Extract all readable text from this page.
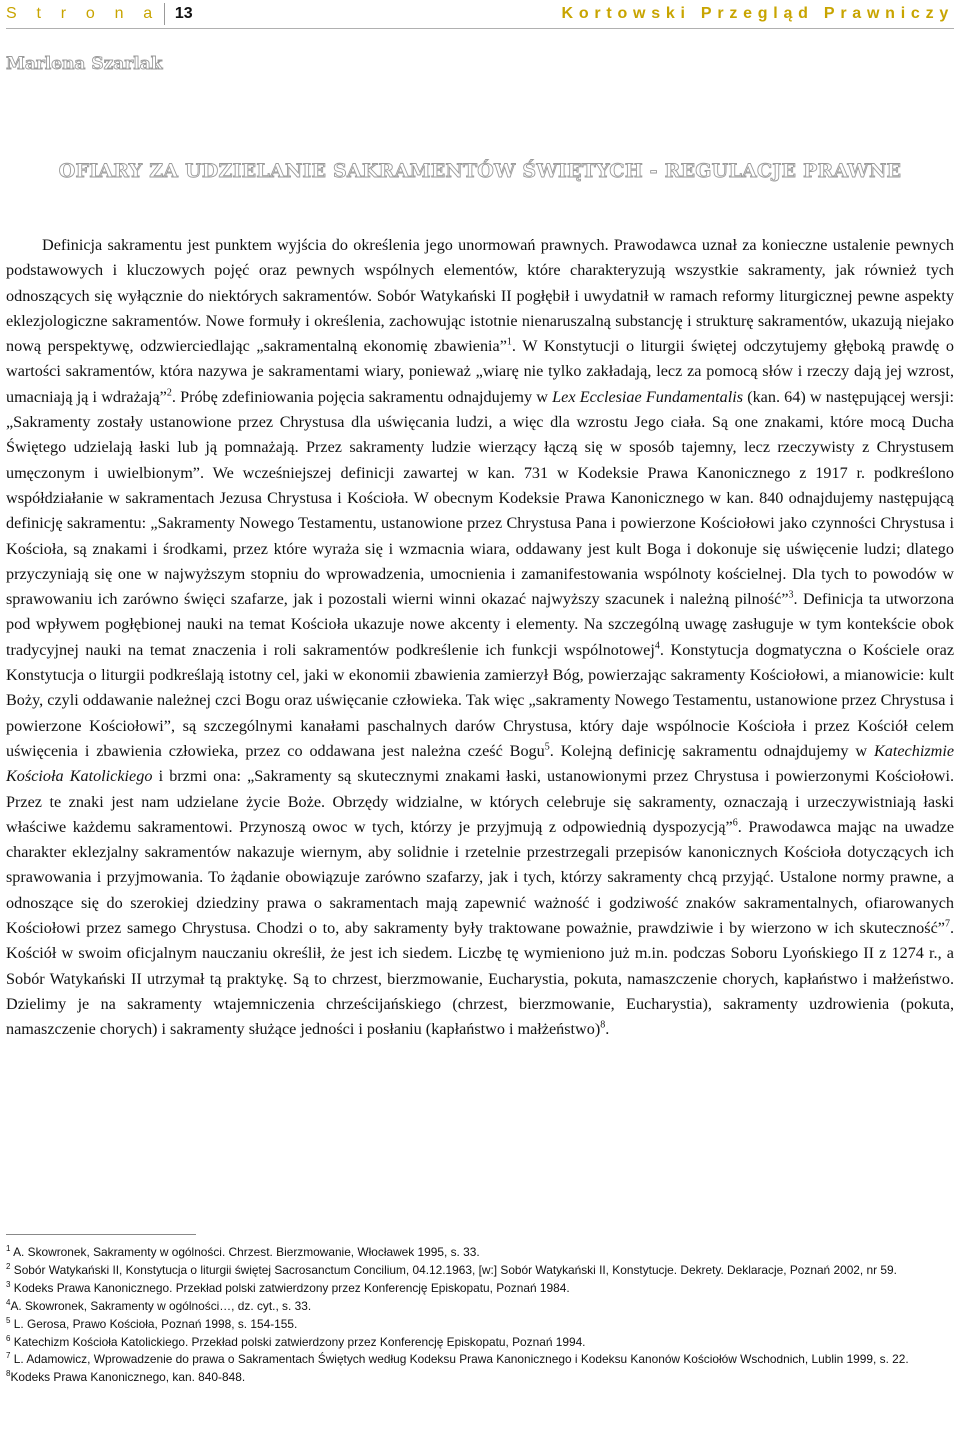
S t r o n a 13	Kortowski Przegląd Prawniczy
Marlena Szarlak
OFIARY ZA UDZIELANIE SAKRAMENTÓW ŚWIĘTYCH - REGULACJE PRAWNE

Definicja sakramentu jest punktem wyjścia do określenia jego unormowań prawnych. Prawodawca uznał za konieczne ustalenie pewnych podstawowych i kluczowych pojęć oraz pewnych wspólnych elementów, które charakteryzują wszystkie sakramenty, jak również tych odnoszących się wyłącznie do niektórych sakramentów. Sobór Watykański II pogłębił i uwydatnił w ramach reformy liturgicznej pewne aspekty eklezjologiczne sakramentów. Nowe formuły i określenia, zachowując istotnie nienaruszalną substancję i strukturę sakramentów, ukazują niejako nową perspektywę, odzwierciedlając „sakramentalną ekonomię zbawienia”$^1$. W Konstytucji o liturgii świętej odczytujemy głęboką prawdę o wartości sakramentów, która nazywa je sakramentami wiary, ponieważ „wiarę nie tylko zakładają, lecz za pomocą słów i rzeczy dają jej wzrost, umacniają ją i wdrażają”$^2$. Próbę zdefiniowania pojęcia sakramentu odnajdujemy w Lex Ecclesiae Fundamentalis (kan. 64) w następującej wersji: „Sakramenty zostały ustanowione przez Chrystusa dla uświęcania ludzi, a więc dla wzrostu Jego ciała. Są one znakami, które mocą Ducha Świętego udzielają łaski lub ją pomnażają. Przez sakramenty ludzie wierzący łączą się w sposób tajemny, lecz rzeczywisty z Chrystusem umęczonym i uwielbionym”. We wcześniejszej definicji zawartej w kan. 731 w Kodeksie Prawa Kanonicznego z 1917 r. podkreślono współdziałanie w sakramentach Jezusa Chrystusa i Kościoła. W obecnym Kodeksie Prawa Kanonicznego w kan. 840 odnajdujemy następującą definicję sakramentu: „Sakramenty Nowego Testamentu, ustanowione przez Chrystusa Pana i powierzone Kościołowi jako czynności Chrystusa i Kościoła, są znakami i środkami, przez które wyraża się i wzmacnia wiara, oddawany jest kult Boga i dokonuje się uświęcenie ludzi; dlatego przyczyniają się one w najwyższym stopniu do wprowadzenia, umocnienia i zamanifestowania wspólnoty kościelnej. Dla tych to powodów w sprawowaniu ich zarówno święci szafarze, jak i pozostali wierni winni okazać najwyższy szacunek i należną pilność”$^3$. Definicja ta utworzona pod wpływem pogłębionej nauki na temat Kościoła ukazuje nowe akcenty i elementy. Na szczególną uwagę zasługuje w tym kontekście obok tradycyjnej nauki na temat znaczenia i roli sakramentów podkreślenie ich funkcji wspólnotowej$^4$. Konstytucja dogmatyczna o Kościele oraz Konstytucja o liturgii podkreślają istotny cel, jaki w ekonomii zbawienia zamierzył Bóg, powierzając sakramenty Kościołowi, a mianowicie: kult Boży, czyli oddawanie należnej czci Bogu oraz uświęcanie człowieka. Tak więc „sakramenty Nowego Testamentu, ustanowione przez Chrystusa i powierzone Kościołowi”, są szczególnymi kanałami paschalnych darów Chrystusa, który daje wspólnocie Kościoła i przez Kościół celem uświęcenia i zbawienia człowieka, przez co oddawana jest należna cześć Bogu$^5$. Kolejną definicję sakramentu odnajdujemy w Katechizmie Kościoła Katolickiego i brzmi ona: „Sakramenty są skutecznymi znakami łaski, ustanowionymi przez Chrystusa i powierzonymi Kościołowi. Przez te znaki jest nam udzielane życie Boże. Obrzędy widzialne, w których celebruje się sakramenty, oznaczają i urzeczywistniają łaski właściwe każdemu sakramentowi. Przynoszą owoc w tych, którzy je przyjmują z odpowiednią dyspozycją”$^6$. Prawodawca mając na uwadze charakter eklezjalny sakramentów nakazuje wiernym, aby solidnie i rzetelnie przestrzegali przepisów kanonicznych Kościoła dotyczących ich sprawowania i przyjmowania. To żądanie obowiązuje zarówno szafarzy, jak i tych, którzy sakramenty chcą przyjąć. Ustalone normy prawne, a odnoszące się do szerokiej dziedziny prawa o sakramentach mają zapewnić ważność i godziwość znaków sakramentalnych, ofiarowanych Kościołowi przez samego Chrystusa. Chodzi o to, aby sakramenty były traktowane poważnie, prawdziwie i by wierzono w ich skuteczność”$^7$. Kościół w swoim oficjalnym nauczaniu określił, że jest ich siedem. Liczbę tę wymieniono już m.in. podczas Soboru Lyońskiego II z 1274 r., a Sobór Watykański II utrzymał tą praktykę. Są to chrzest, bierzmowanie, Eucharystia, pokuta, namaszczenie chorych, kapłaństwo i małżeństwo. Dzielimy je na sakramenty wtajemniczenia chrześcijańskiego (chrzest, bierzmowanie, Eucharystia), sakramenty uzdrowienia (pokuta, namaszczenie chorych) i sakramenty służące jedności i posłaniu (kapłaństwo i małżeństwo)$^8$.

$^1$ A. Skowronek, Sakramenty w ogólności. Chrzest. Bierzmowanie, Włocławek 1995, s. 33.
$^2$ Sobór Watykański II, Konstytucja o liturgii świętej Sacrosanctum Concilium, 04.12.1963, [w:] Sobór Watykański II, Konstytucje. Dekrety. Deklaracje, Poznań 2002, nr 59.
$^3$ Kodeks Prawa Kanonicznego. Przekład polski zatwierdzony przez Konferencję Episkopatu, Poznań 1984.
$^4$A. Skowronek, Sakramenty w ogólności…, dz. cyt., s. 33.
$^5$ L. Gerosa, Prawo Kościoła, Poznań 1998, s. 154-155.
$^6$ Katechizm Kościoła Katolickiego. Przekład polski zatwierdzony przez Konferencję Episkopatu, Poznań 1994.
$^7$ L. Adamowicz, Wprowadzenie do prawa o Sakramentach Świętych według Kodeksu Prawa Kanonicznego i Kodeksu Kanonów Kościołów Wschodnich, Lublin 1999, s. 22.
$^8$Kodeks Prawa Kanonicznego, kan. 840-848.
